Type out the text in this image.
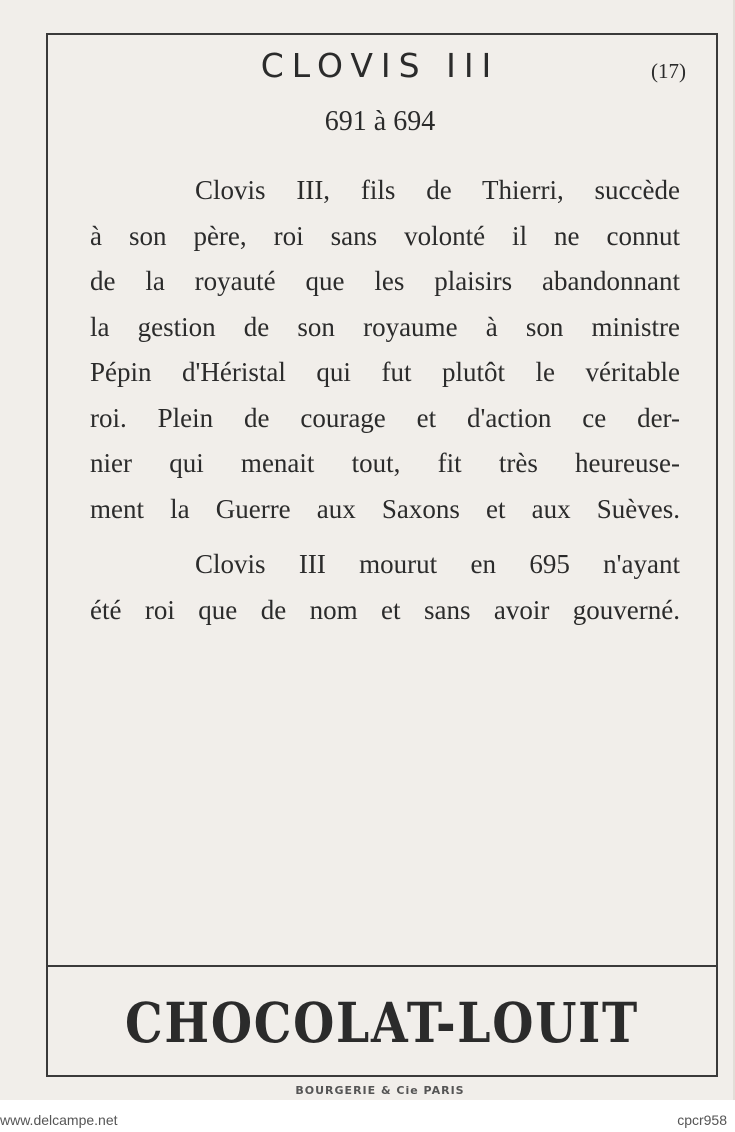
CLOVIS III	(17)
691 à 694

Clovis III, fils de Thierri, succède
à son père, roi sans volonté il ne connut
de la royauté que les plaisirs abandonnant
la gestion de son royaume à son ministre
Pépin d'Héristal qui fut plutôt le véritable
roi. Plein de courage et d'action ce der-
nier qui menait tout, fit très heureuse-
ment la Guerre aux Saxons et aux Suèves.

Clovis III mourut en 695 n'ayant
été roi que de nom et sans avoir gouverné.

CHOCOLAT-LOUIT
BOURGERIE & Cie PARIS
www.delcampe.net	cpcr958
